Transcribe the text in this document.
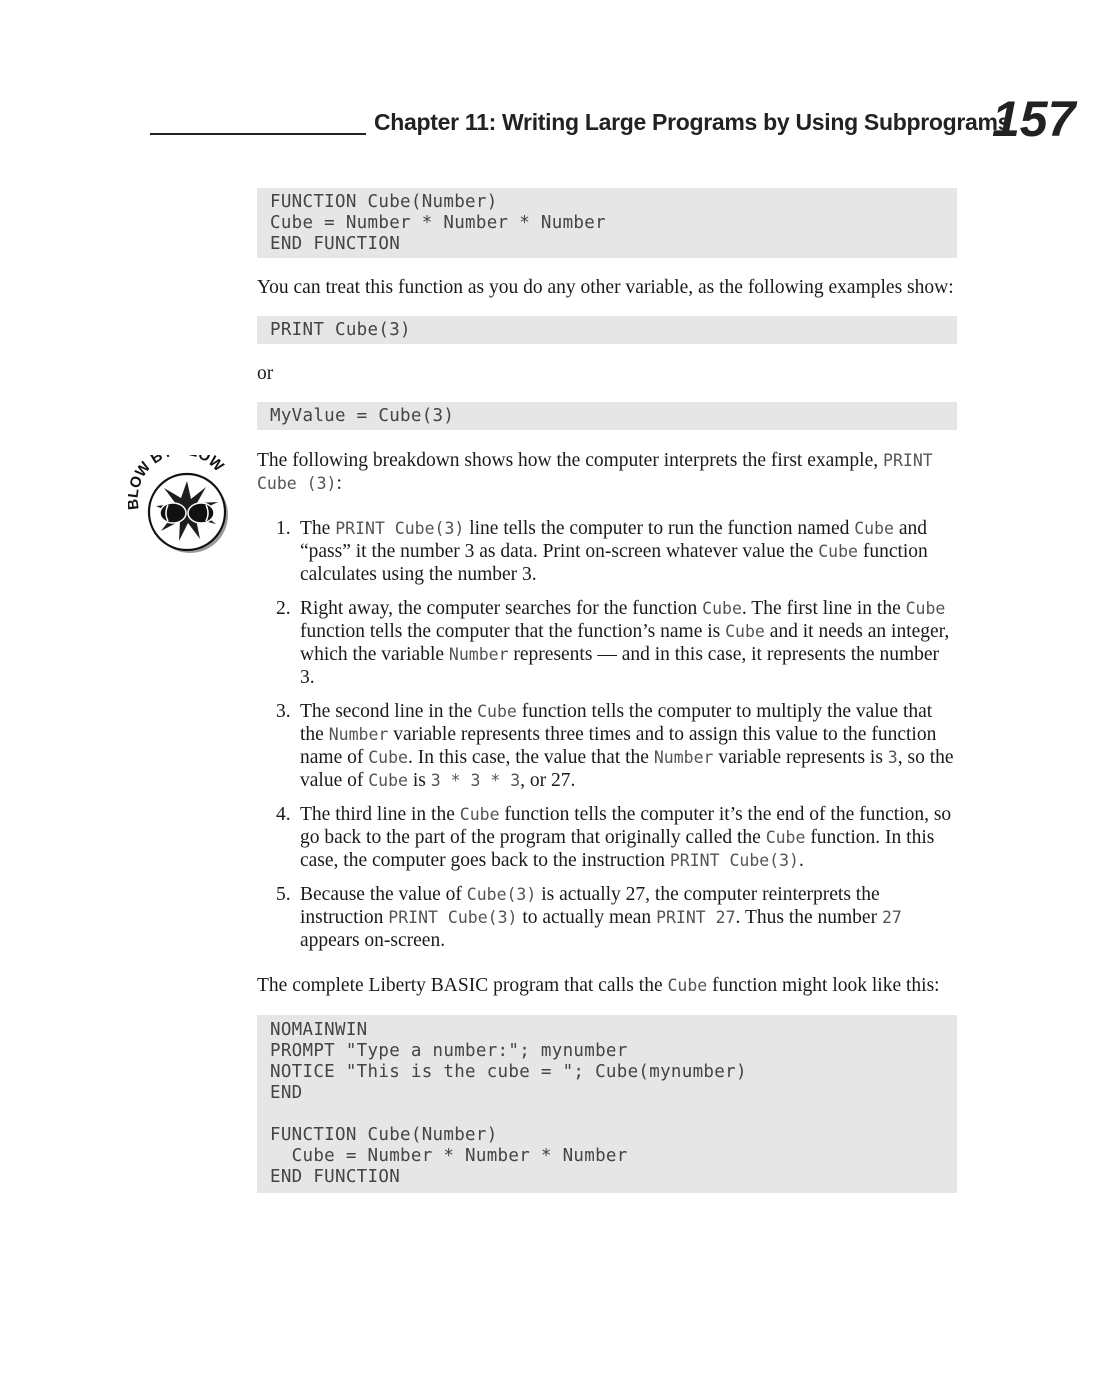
Chapter 11: Writing Large Programs by Using Subprograms
157
OW B OW
FUNCTION Cube(Number)
Cube = Number * Number * Number
END FUNCTION

You can treat this function as you do any other variable, as the following examples show:

PRINT Cube(3)

or

MyValue = Cube(3)

The following breakdown shows how the computer interprets the first example, PRINT Cube (3):

1. The PRINT Cube(3) line tells the computer to run the function named Cube and “pass” it the number 3 as data. Print on-screen whatever value the Cube function calculates using the number 3.
2. Right away, the computer searches for the function Cube. The first line in the Cube function tells the computer that the function’s name is Cube and it needs an integer, which the variable Number represents — and in this case, it represents the number 3.
3. The second line in the Cube function tells the computer to multiply the value that the Number variable represents three times and to assign this value to the function name of Cube. In this case, the value that the Number variable represents is 3, so the value of Cube is 3 * 3 * 3, or 27.
4. The third line in the Cube function tells the computer it’s the end of the function, so go back to the part of the program that originally called the Cube function. In this case, the computer goes back to the instruction PRINT Cube(3).
5. Because the value of Cube(3) is actually 27, the computer reinterprets the instruction PRINT Cube(3) to actually mean PRINT 27. Thus the number 27 appears on-screen.

The complete Liberty BASIC program that calls the Cube function might look like this:

NOMAINWIN
PROMPT "Type a number:"; mynumber
NOTICE "This is the cube = "; Cube(mynumber)
END

FUNCTION Cube(Number)
Cube = Number * Number * Number
END FUNCTION
